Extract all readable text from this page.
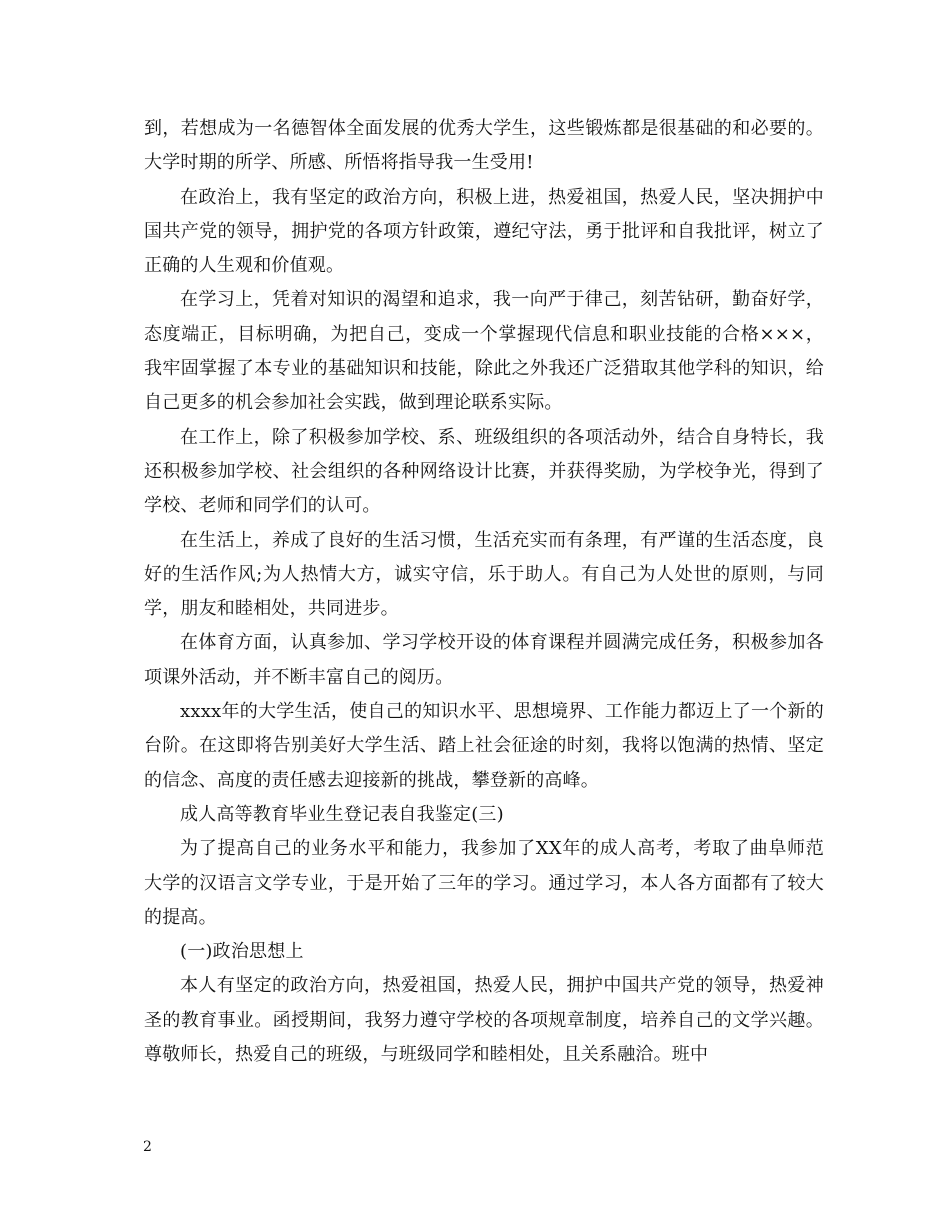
到，若想成为一名德智体全面发展的优秀大学生，这些锻炼都是很基础的和必要的。大学时期的所学、所感、所悟将指导我一生受用!

在政治上，我有坚定的政治方向，积极上进，热爱祖国，热爱人民，坚决拥护中国共产党的领导，拥护党的各项方针政策，遵纪守法，勇于批评和自我批评，树立了正确的人生观和价值观。

在学习上，凭着对知识的渴望和追求，我一向严于律己，刻苦钻研，勤奋好学，态度端正，目标明确，为把自己，变成一个掌握现代信息和职业技能的合格×××，我牢固掌握了本专业的基础知识和技能，除此之外我还广泛猎取其他学科的知识，给自己更多的机会参加社会实践，做到理论联系实际。

在工作上，除了积极参加学校、系、班级组织的各项活动外，结合自身特长，我还积极参加学校、社会组织的各种网络设计比赛，并获得奖励，为学校争光，得到了学校、老师和同学们的认可。

在生活上，养成了良好的生活习惯，生活充实而有条理，有严谨的生活态度，良好的生活作风;为人热情大方，诚实守信，乐于助人。有自己为人处世的原则，与同学，朋友和睦相处，共同进步。

在体育方面，认真参加、学习学校开设的体育课程并圆满完成任务，积极参加各项课外活动，并不断丰富自己的阅历。

xxxx年的大学生活，使自己的知识水平、思想境界、工作能力都迈上了一个新的台阶。在这即将告别美好大学生活、踏上社会征途的时刻，我将以饱满的热情、坚定的信念、高度的责任感去迎接新的挑战，攀登新的高峰。

成人高等教育毕业生登记表自我鉴定(三)

为了提高自己的业务水平和能力，我参加了XX年的成人高考，考取了曲阜师范大学的汉语言文学专业，于是开始了三年的学习。通过学习，本人各方面都有了较大的提高。

(一)政治思想上

本人有坚定的政治方向，热爱祖国，热爱人民，拥护中国共产党的领导，热爱神圣的教育事业。函授期间，我努力遵守学校的各项规章制度，培养自己的文学兴趣。尊敬师长，热爱自己的班级，与班级同学和睦相处，且关系融洽。班中

2
